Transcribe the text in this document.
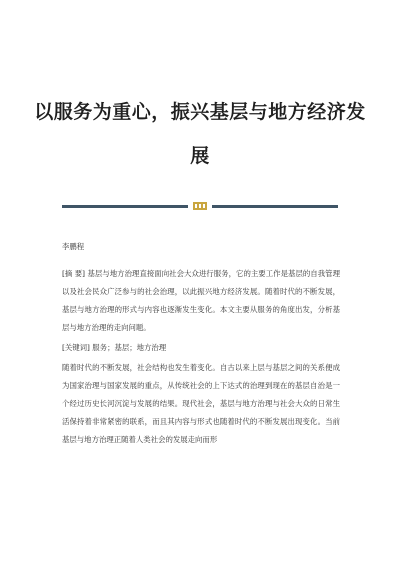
以服务为重心，振兴基层与地方经济发
展
李鹏程

[摘 要] 基层与地方治理直接面向社会大众进行服务，它的主要工作是基层的自我管理以及社会民众广泛参与的社会治理，以此振兴地方经济发展。随着时代的不断发展，基层与地方治理的形式与内容也逐渐发生变化。本文主要从服务的角度出发，分析基层与地方治理的走向问题。

[关键词] 服务；基层；地方治理

随着时代的不断发展，社会结构也发生着变化。自古以来上层与基层之间的关系便成为国家治理与国家发展的重点，从传统社会的上下达式的治理到现在的基层自治是一个经过历史长河沉淀与发展的结果。现代社会，基层与地方治理与社会大众的日常生活保持着非常紧密的联系，而且其内容与形式也随着时代的不断发展出现变化。当前基层与地方治理正随着人类社会的发展走向而形
